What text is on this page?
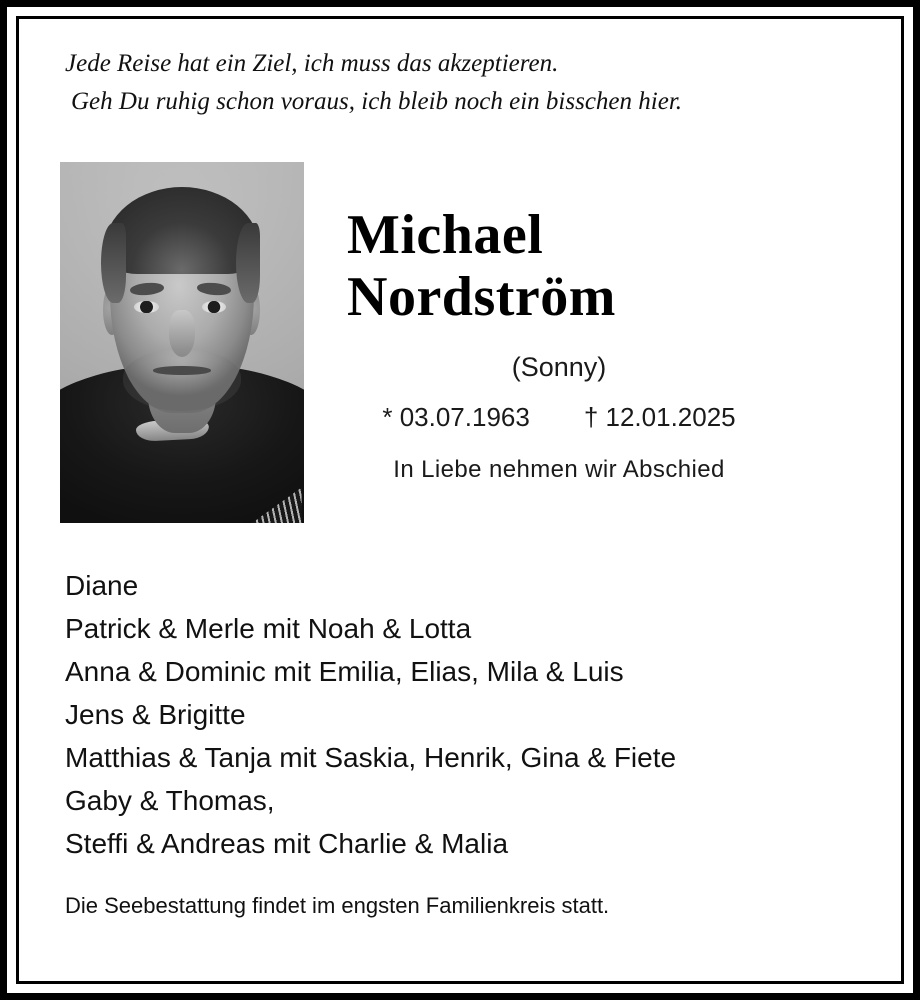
Jede Reise hat ein Ziel, ich muss das akzeptieren.
Geh Du ruhig schon voraus, ich bleib noch ein bisschen hier.
Michael
Nordström
(Sonny)
* 03.07.1963 † 12.01.2025
In Liebe nehmen wir Abschied
Diane
Patrick & Merle mit Noah & Lotta
Anna & Dominic mit Emilia, Elias, Mila & Luis
Jens & Brigitte
Matthias & Tanja mit Saskia, Henrik, Gina & Fiete
Gaby & Thomas,
Steffi & Andreas mit Charlie & Malia
Die Seebestattung findet im engsten Familienkreis statt.
